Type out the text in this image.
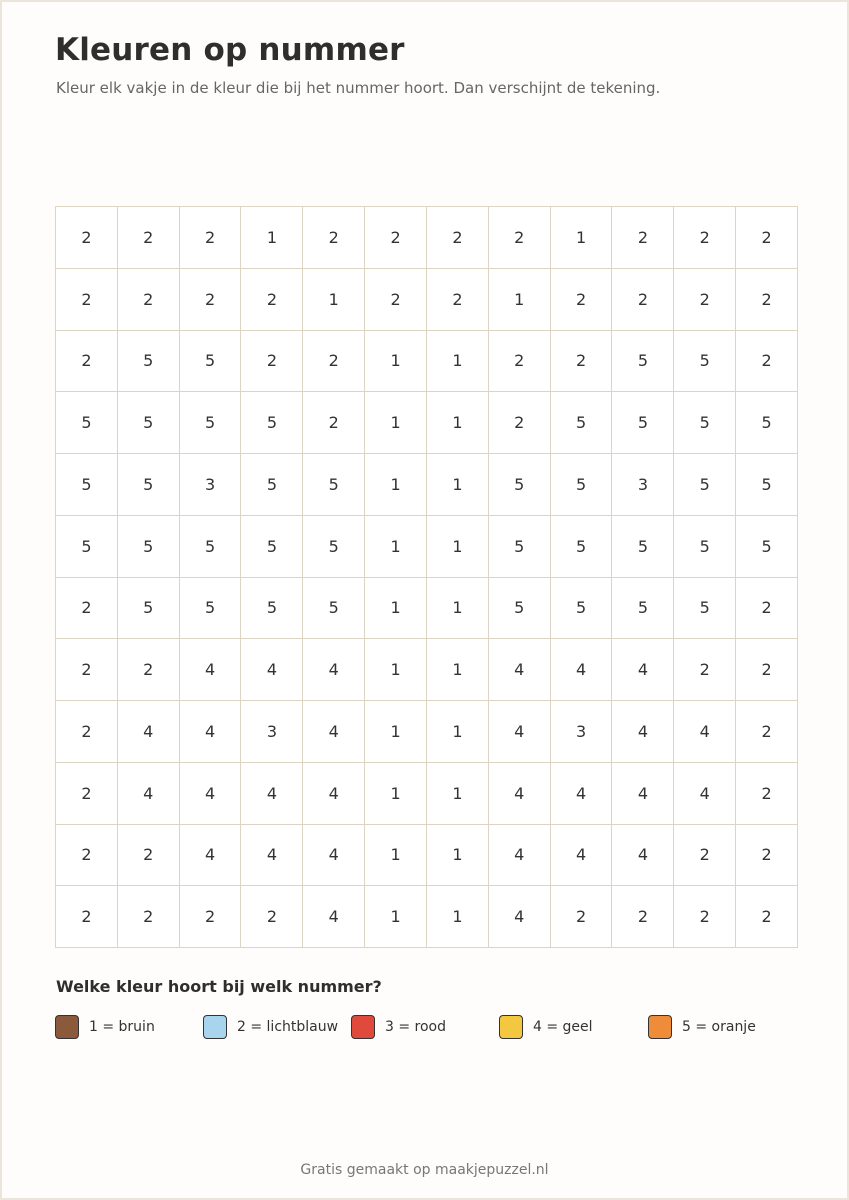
Kleuren op nummer

Kleur elk vakje in de kleur die bij het nummer hoort. Dan verschijnt de tekening.

2	2	2	1	2	2	2	2	1	2	2	2
2	2	2	2	1	2	2	1	2	2	2	2
2	5	5	2	2	1	1	2	2	5	5	2
5	5	5	5	2	1	1	2	5	5	5	5
5	5	3	5	5	1	1	5	5	3	5	5
5	5	5	5	5	1	1	5	5	5	5	5
2	5	5	5	5	1	1	5	5	5	5	2
2	2	4	4	4	1	1	4	4	4	2	2
2	4	4	3	4	1	1	4	3	4	4	2
2	4	4	4	4	1	1	4	4	4	4	2
2	2	4	4	4	1	1	4	4	4	2	2
2	2	2	2	4	1	1	4	2	2	2	2
Welke kleur hoort bij welk nummer?
1 = bruin	2 = lichtblauw	3 = rood	4 = geel	5 = oranje
Gratis gemaakt op maakjepuzzel.nl
